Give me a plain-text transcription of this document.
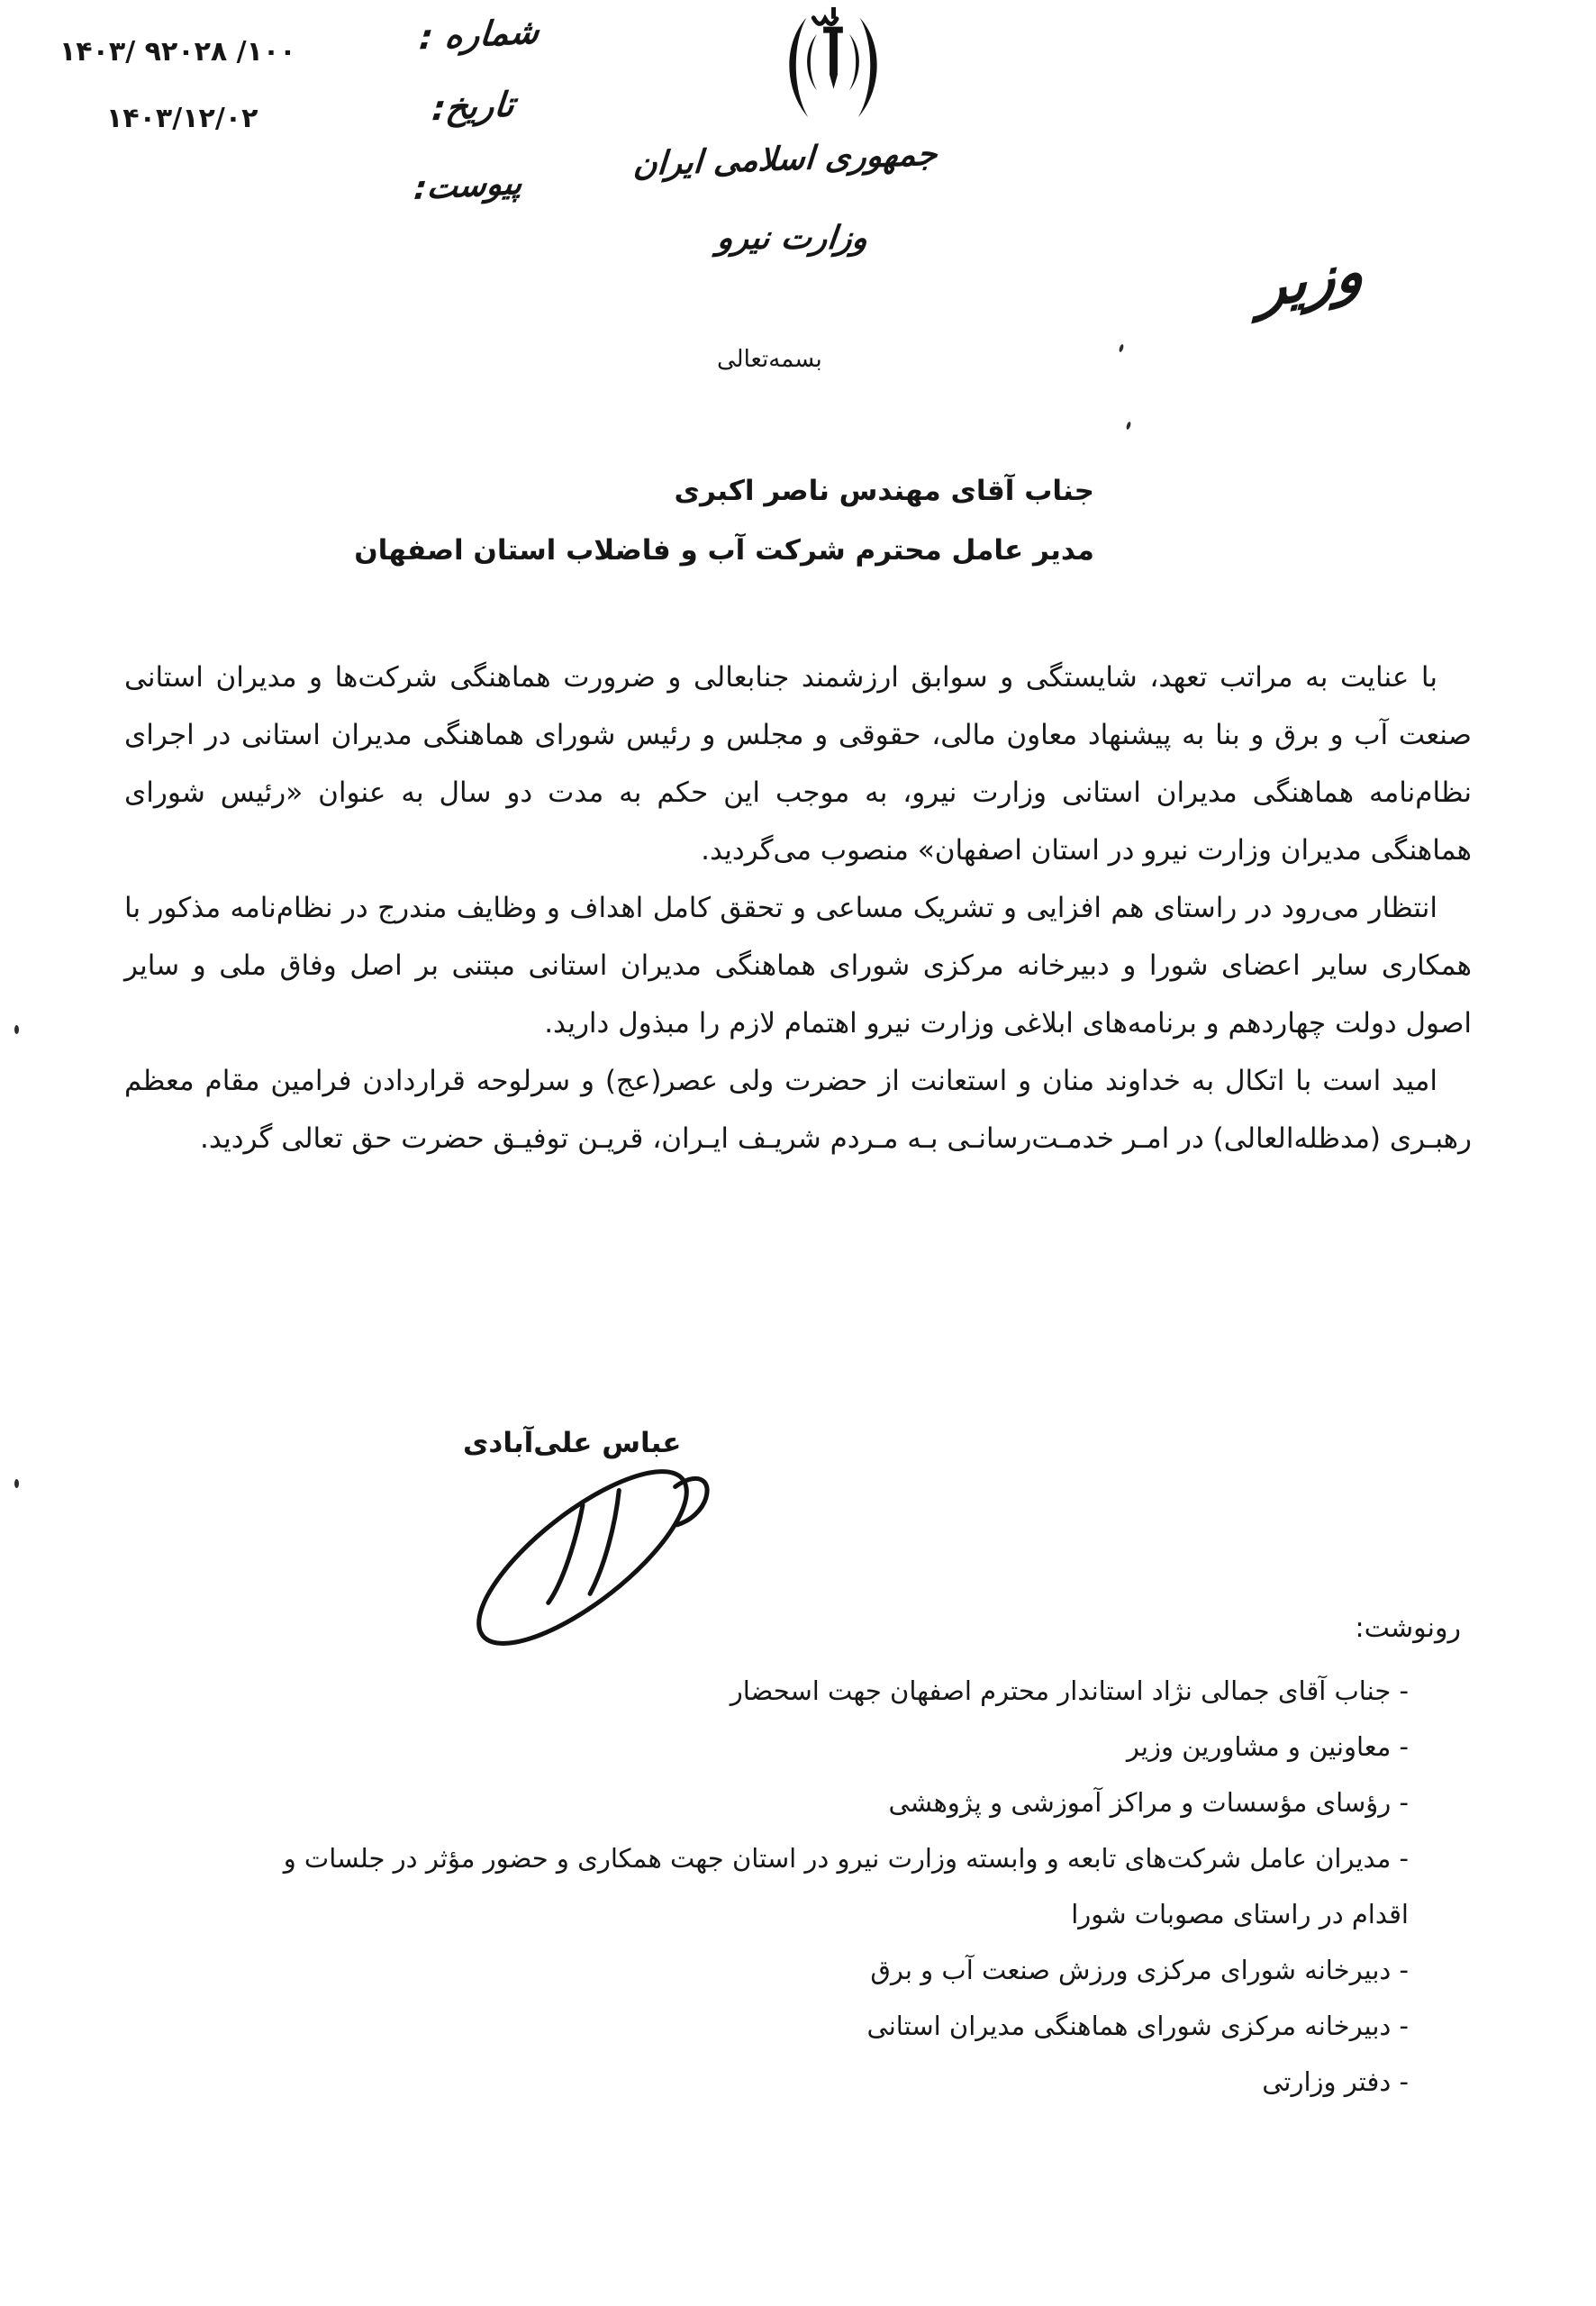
شماره :
۱۴۰۳/ ۹۲۰۲۸ /۱۰۰
تاریخ:
۱۴۰۳/۱۲/۰۲
پیوست:
جمهوری اسلامی ایران
وزارت نیرو
وزیر
بسمه‌تعالی
جناب آقای مهندس ناصر اکبری
مدیر عامل محترم شرکت آب و فاضلاب استان اصفهان

با عنایت به مراتب تعهد، شایستگی و سوابق ارزشمند جنابعالی و ضرورت هماهنگی شرکت‌ها و مدیران استانی صنعت آب و برق و بنا به پیشنهاد معاون مالی، حقوقی و مجلس و رئیس شورای هماهنگی مدیران استانی در اجرای نظام‌نامه هماهنگی مدیران استانی وزارت نیرو، به موجب این حکم به مدت دو سال به عنوان «رئیس شورای هماهنگی مدیران وزارت نیرو در استان اصفهان» منصوب می‌گردید.

انتظار می‌رود در راستای هم افزایی و تشریک مساعی و تحقق کامل اهداف و وظایف مندرج در نظام‌نامه مذکور با همکاری سایر اعضای شورا و دبیرخانه مرکزی شورای هماهنگی مدیران استانی مبتنی بر اصل وفاق ملی و سایر اصول دولت چهاردهم و برنامه‌های ابلاغی وزارت نیرو اهتمام لازم را مبذول دارید.

امید است با اتکال به خداوند منان و استعانت از حضرت ولی عصر(عج) و سرلوحه قراردادن فرامین مقام معظم رهبـری (مدظله‌العالی) در امـر خدمـت‌رسانـی بـه مـردم شریـف ایـران، قریـن توفیـق حضرت حق تعالی گردید.

عباس علی‌آبادی
رونوشت:
- جناب آقای جمالی نژاد استاندار محترم اصفهان جهت اسحضار
- معاونین و مشاورین وزیر
- رؤسای مؤسسات و مراکز آموزشی و پژوهشی
- مدیران عامل شرکت‌های تابعه و وابسته وزارت نیرو در استان جهت همکاری و حضور مؤثر در جلسات و اقدام در راستای مصوبات شورا
- دبیرخانه شورای مرکزی ورزش صنعت آب و برق
- دبیرخانه مرکزی شورای هماهنگی مدیران استانی
- دفتر وزارتی
